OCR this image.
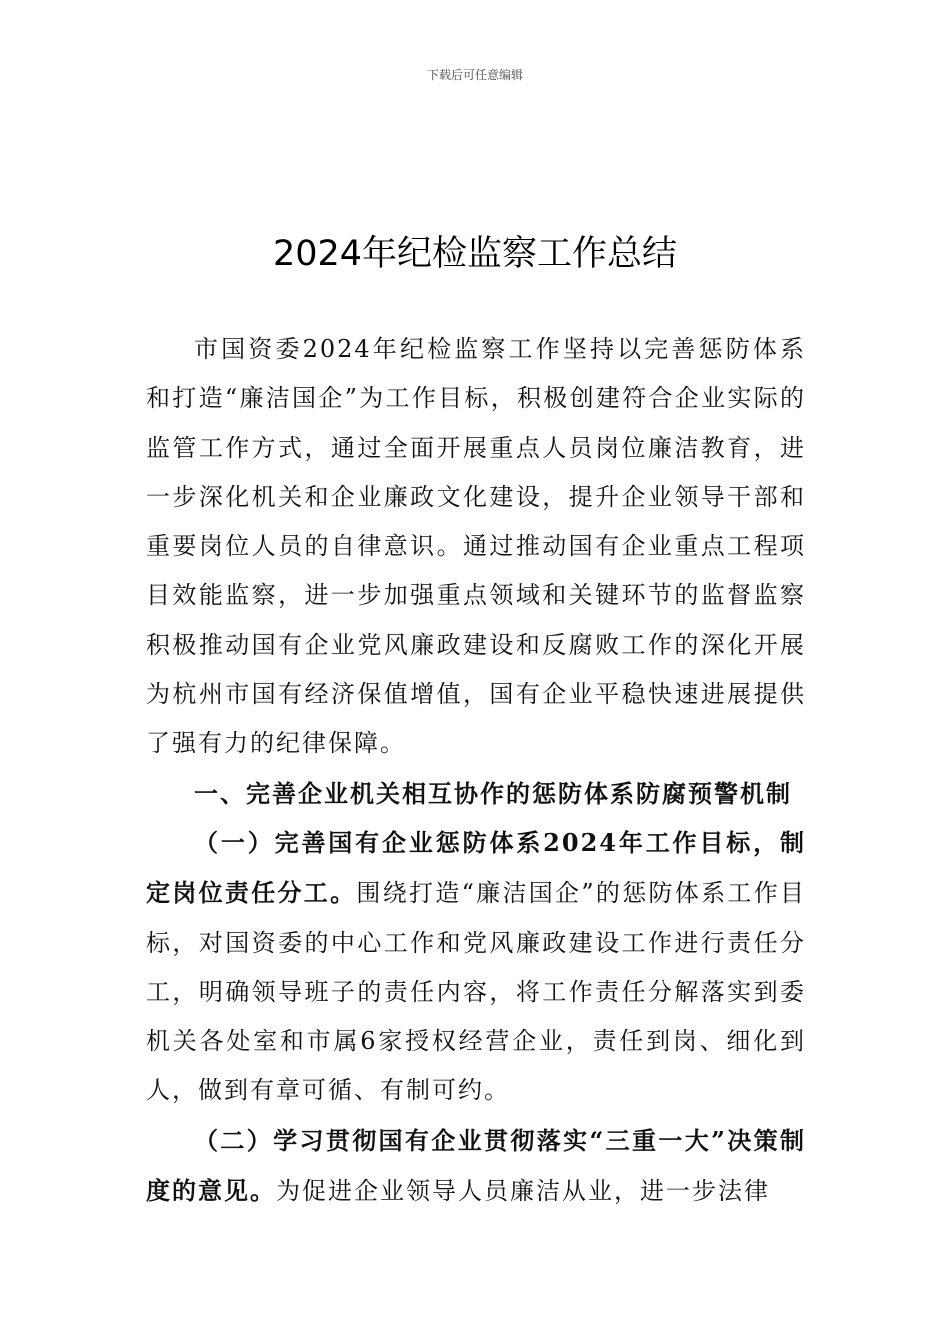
下载后可任意编辑
2024年纪检监察工作总结

市国资委2024年纪检监察工作坚持以完善惩防体系和打造“廉洁国企”为工作目标，积极创建符合企业实际的监管工作方式，通过全面开展重点人员岗位廉洁教育，进一步深化机关和企业廉政文化建设，提升企业领导干部和重要岗位人员的自律意识。通过推动国有企业重点工程项目效能监察，进一步加强重点领域和关键环节的监督监察积极推动国有企业党风廉政建设和反腐败工作的深化开展为杭州市国有经济保值增值，国有企业平稳快速进展提供了强有力的纪律保障。

一、完善企业机关相互协作的惩防体系防腐预警机制

（一）完善国有企业惩防体系2024年工作目标，制定岗位责任分工。围绕打造“廉洁国企”的惩防体系工作目标，对国资委的中心工作和党风廉政建设工作进行责任分工，明确领导班子的责任内容，将工作责任分解落实到委机关各处室和市属6家授权经营企业，责任到岗、细化到人，做到有章可循、有制可约。

（二）学习贯彻国有企业贯彻落实“三重一大”决策制度的意见。为促进企业领导人员廉洁从业，进一步法律
